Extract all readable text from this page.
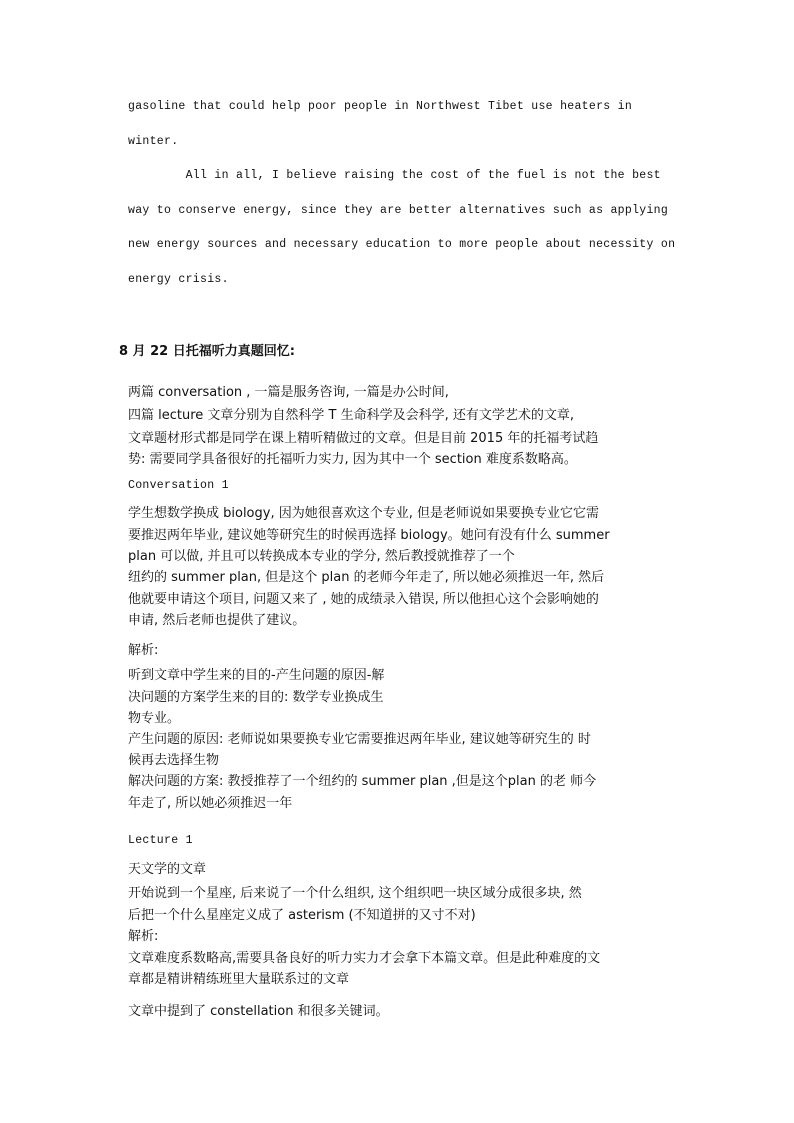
gasoline that could help poor people in Northwest Tibet use heaters in
winter.
All in all, I believe raising the cost of the fuel is not the best
way to conserve energy, since they are better alternatives such as applying
new energy sources and necessary education to more people about necessity on
energy crisis.
8 月 22 日托福听力真题回忆:
两篇 conversation , 一篇是服务咨询, 一篇是办公时间,
四篇 lecture 文章分别为自然科学 T 生命科学及会科学, 还有文学艺术的文章,
文章题材形式都是同学在课上精听精做过的文章。但是目前 2015 年的托福考试趋
势: 需要同学具备很好的托福听力实力, 因为其中一个 section 难度系数略高。
Conversation 1
学生想数学换成 biology, 因为她很喜欢这个专业, 但是老师说如果要换专业它它需
要推迟两年毕业, 建议她等研究生的时候再选择 biology。她问有没有什么 summer
plan 可以做, 并且可以转换成本专业的学分, 然后教授就推荐了一个
纽约的 summer plan, 但是这个 plan 的老师今年走了, 所以她必须推迟一年, 然后
他就要申请这个项目, 问题又来了 , 她的成绩录入错误, 所以他担心这个会影响她的
申请, 然后老师也提供了建议。
解析:
听到文章中学生来的目的-产生问题的原因-解
决问题的方案学生来的目的: 数学专业换成生
物专业。
产生问题的原因: 老师说如果要换专业它需要推迟两年毕业, 建议她等研究生的 时
候再去选择生物
解决问题的方案: 教授推荐了一个纽约的 summer plan ,但是这个plan 的老 师今
年走了, 所以她必须推迟一年
Lecture 1
天文学的文章
开始说到一个星座, 后来说了一个什么组织, 这个组织吧一块区域分成很多块, 然
后把一个什么星座定义成了 asterism (不知道拼的又寸不对)
解析:
文章难度系数略高,需要具备良好的听力实力才会拿下本篇文章。但是此种难度的文
章都是精讲精练班里大量联系过的文章
文章中提到了 constellation 和很多关键词。
